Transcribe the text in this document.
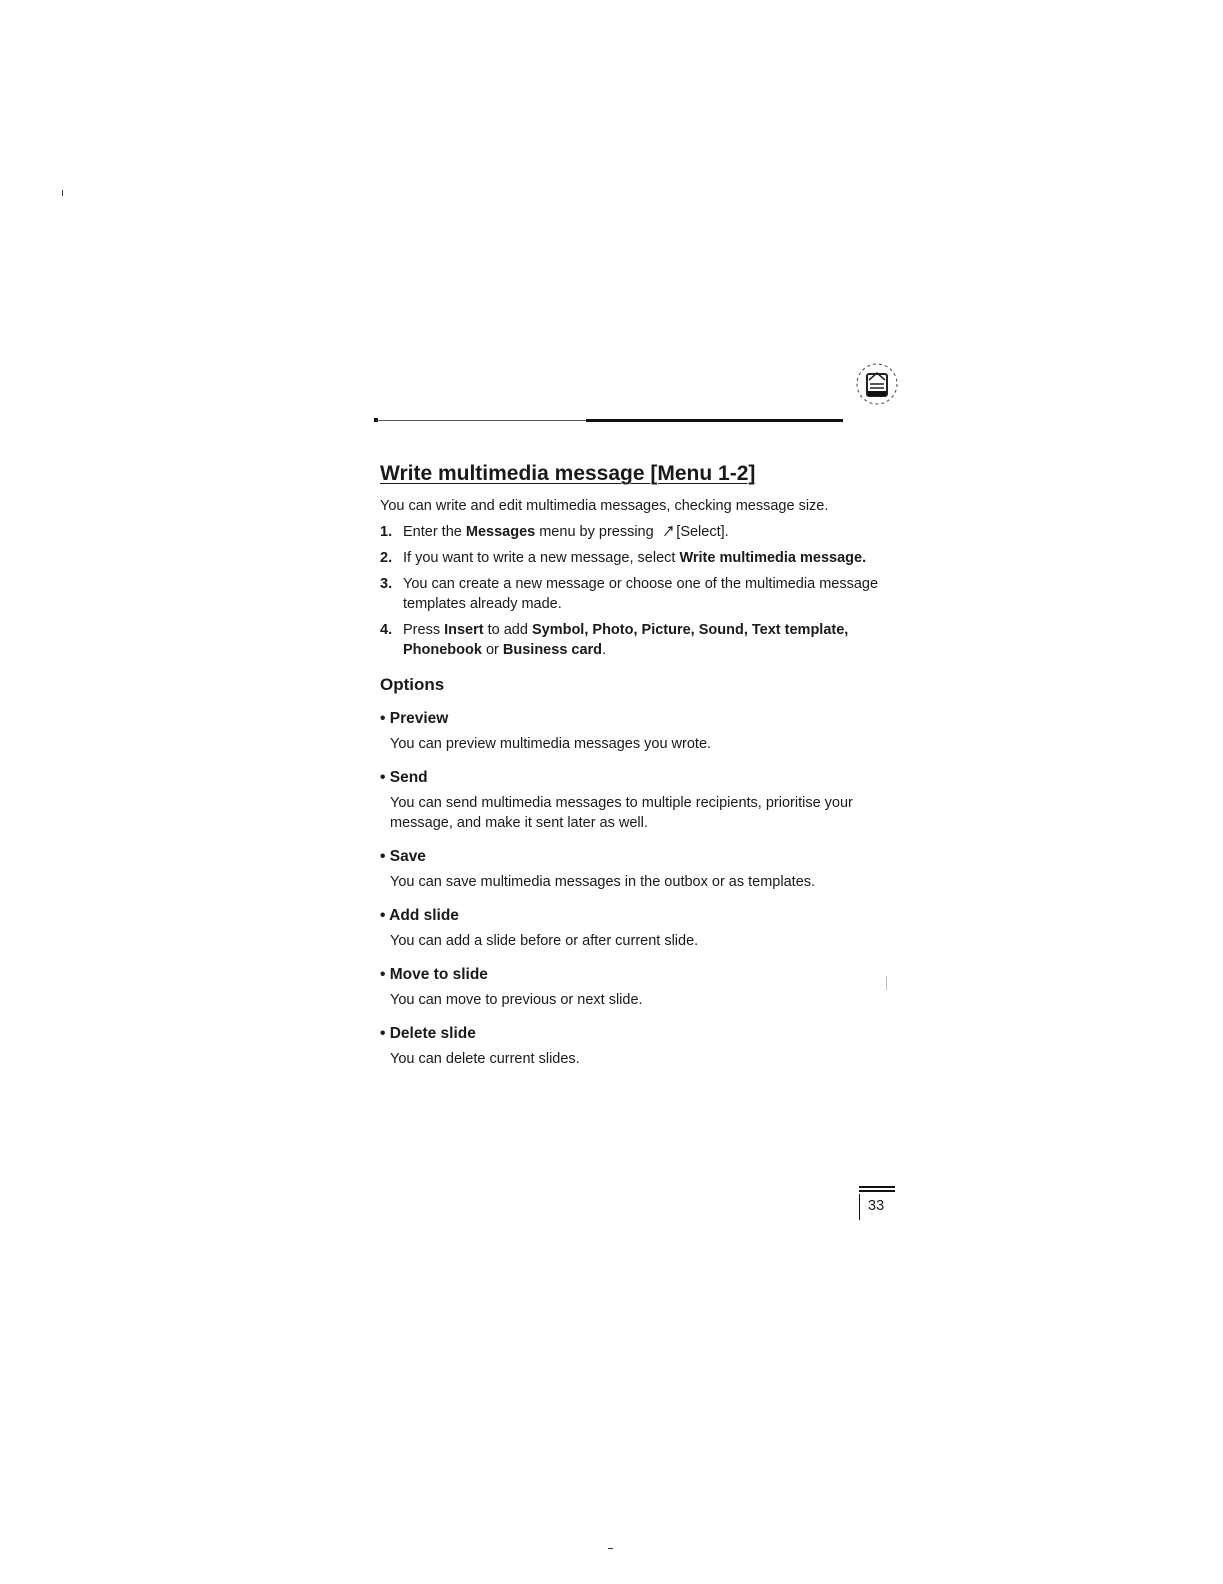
Write multimedia message [Menu 1-2]

You can write and edit multimedia messages, checking message size.

1. Enter the Messages menu by pressing ↗[Select].
2. If you want to write a new message, select Write multimedia message.
3. You can create a new message or choose one of the multimedia message templates already made.
4. Press Insert to add Symbol, Photo, Picture, Sound, Text template, Phonebook or Business card.
Options
• Preview

You can preview multimedia messages you wrote.

• Send

You can send multimedia messages to multiple recipients, prioritise your message, and make it sent later as well.

• Save

You can save multimedia messages in the outbox or as templates.

• Add slide

You can add a slide before or after current slide.

• Move to slide

You can move to previous or next slide.

• Delete slide

You can delete current slides.

33
